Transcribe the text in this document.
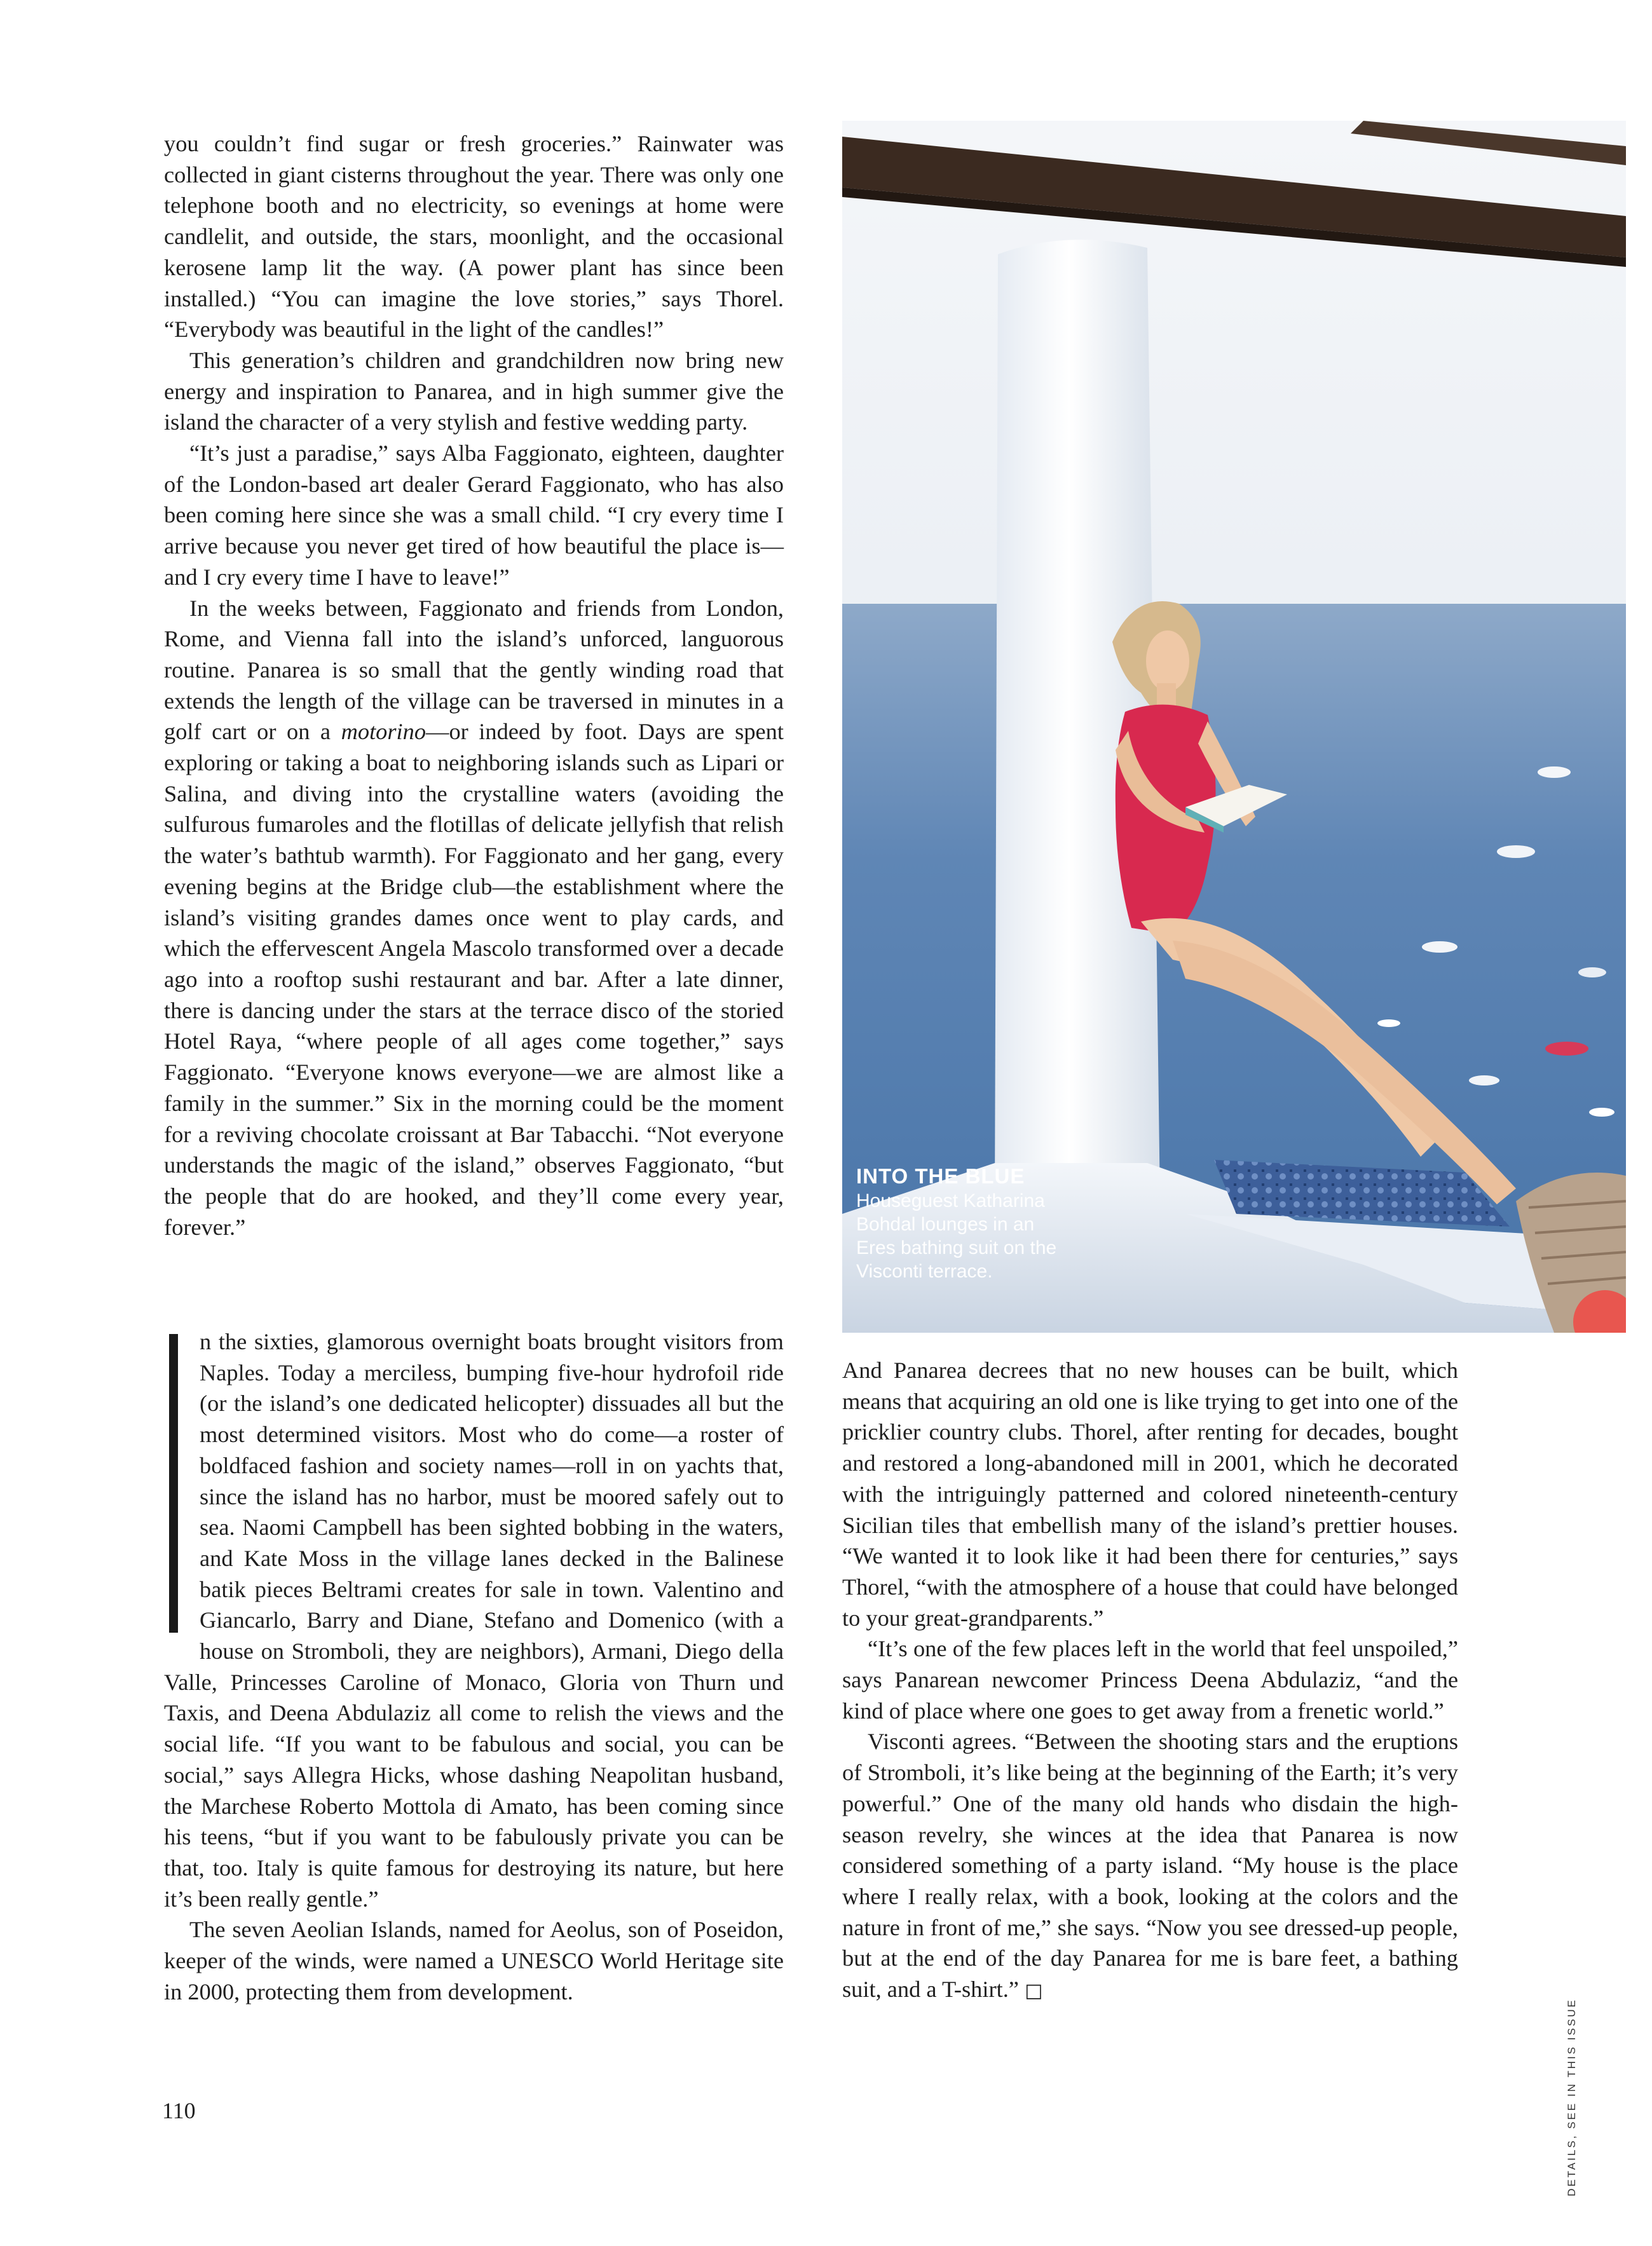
you couldn’t find sugar or fresh groceries.” Rainwater was collected in giant cisterns throughout the year. There was only one telephone booth and no electricity, so evenings at home were candlelit, and outside, the stars, moonlight, and the occasional kerosene lamp lit the way. (A power plant has since been installed.) “You can imagine the love stories,” says Thorel. “Everybody was beautiful in the light of the candles!”

This generation’s children and grandchildren now bring new energy and inspiration to Panarea, and in high summer give the island the character of a very stylish and festive wedding party.

“It’s just a paradise,” says Alba Faggionato, eighteen, daughter of the London-based art dealer Gerard Faggionato, who has also been coming here since she was a small child. “I cry every time I arrive because you never get tired of how beautiful the place is—and I cry every time I have to leave!”

In the weeks between, Faggionato and friends from London, Rome, and Vienna fall into the island’s unforced, languorous routine. Panarea is so small that the gently winding road that extends the length of the village can be traversed in minutes in a golf cart or on a motorino—or indeed by foot. Days are spent exploring or taking a boat to neighboring islands such as Lipari or Salina, and diving into the crystalline waters (avoiding the sulfurous fumaroles and the flotillas of delicate jellyfish that relish the water’s bathtub warmth). For Faggionato and her gang, every evening begins at the Bridge club—the establishment where the island’s visiting grandes dames once went to play cards, and which the effervescent Angela Mascolo transformed over a decade ago into a rooftop sushi restaurant and bar. After a late dinner, there is dancing under the stars at the terrace disco of the storied Hotel Raya, “where people of all ages come together,” says Faggionato. “Everyone knows everyone—we are almost like a family in the summer.” Six in the morning could be the moment for a reviving chocolate croissant at Bar Tabacchi. “Not everyone understands the magic of the island,” observes Faggionato, “but the people that do are hooked, and they’ll come every year, forever.”

n the sixties, glamorous overnight boats brought visitors from Naples. Today a merciless, bumping five-hour hydrofoil ride (or the island’s one dedicated helicopter) dissuades all but the most determined visitors. Most who do come—a roster of boldfaced fashion and society names—roll in on yachts that, since the island has no harbor, must be moored safely out to sea. Naomi Campbell has been sighted bobbing in the waters, and Kate Moss in the village lanes decked in the Balinese batik pieces Beltrami creates for sale in town. Valentino and Giancarlo, Barry and Diane, Stefano and Domenico (with a house on Stromboli, they are neighbors), Armani, Diego della Valle, Princesses Caroline of Monaco, Gloria von Thurn und Taxis, and Deena Abdulaziz all come to relish the views and the social life. “If you want to be fabulous and social, you can be social,” says Allegra Hicks, whose dashing Neapolitan husband, the Marchese Roberto Mottola di Amato, has been coming since his teens, “but if you want to be fabulously private you can be that, too. Italy is quite famous for destroying its nature, but here it’s been really gentle.”

The seven Aeolian Islands, named for Aeolus, son of Poseidon, keeper of the winds, were named a UNESCO World Heritage site in 2000, protecting them from development.

INTO THE BLUE
Houseguest Katharina Bohdal lounges in an Eres bathing suit on the Visconti terrace.

And Panarea decrees that no new houses can be built, which means that acquiring an old one is like trying to get into one of the pricklier country clubs. Thorel, after renting for decades, bought and restored a long-abandoned mill in 2001, which he decorated with the intriguingly patterned and colored nineteenth-century Sicilian tiles that embellish many of the island’s prettier houses. “We wanted it to look like it had been there for centuries,” says Thorel, “with the atmosphere of a house that could have belonged to your great-grandparents.”

“It’s one of the few places left in the world that feel unspoiled,” says Panarean newcomer Princess Deena Abdulaziz, “and the kind of place where one goes to get away from a frenetic world.”

Visconti agrees. “Between the shooting stars and the eruptions of Stromboli, it’s like being at the beginning of the Earth; it’s very powerful.” One of the many old hands who disdain the high-season revelry, she winces at the idea that Panarea is now considered something of a party island. “My house is the place where I really relax, with a book, looking at the colors and the nature in front of me,” she says. “Now you see dressed-up people, but at the end of the day Panarea for me is bare feet, a bathing suit, and a T-shirt.” □

110	DETAILS, SEE IN THIS ISSUE
